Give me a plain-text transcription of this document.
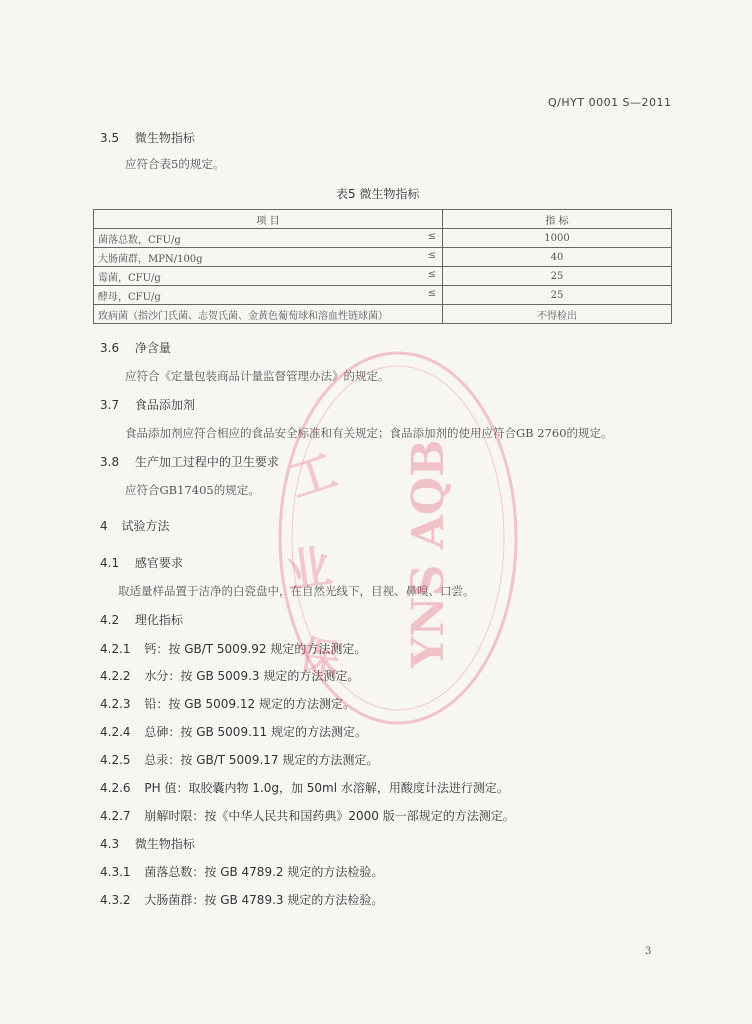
Q/HYT 0001 S—2011
3.5 微生物指标
应符合表5的规定。
表5 微生物指标
项 目	指 标
菌落总数，CFU/g ≤	1000
大肠菌群，MPN/100g ≤	40
霉菌，CFU/g ≤	25
酵母，CFU/g ≤	25
致病菌（指沙门氏菌、志贺氏菌、金黄色葡萄球和溶血性链球菌）	不得检出
3.6 净含量
应符合《定量包装商品计量监督管理办法》的规定。
3.7 食品添加剂
食品添加剂应符合相应的食品安全标准和有关规定；食品添加剂的使用应符合GB 2760的规定。
3.8 生产加工过程中的卫生要求
应符合GB17405的规定。
4 试验方法
4.1 感官要求
取适量样品置于洁净的白瓷盘中，在自然光线下，目视、鼻嗅、口尝。
4.2 理化指标
4.2.1 钙：按 GB/T 5009.92 规定的方法测定。
4.2.2 水分：按 GB 5009.3 规定的方法测定。
4.2.3 铅：按 GB 5009.12 规定的方法测定。
4.2.4 总砷：按 GB 5009.11 规定的方法测定。
4.2.5 总汞：按 GB/T 5009.17 规定的方法测定。
4.2.6 PH 值：取胶囊内物 1.0g，加 50ml 水溶解，用酸度计法进行测定。
4.2.7 崩解时限：按《中华人民共和国药典》2000 版一部规定的方法测定。
4.3 微生物指标
4.3.1 菌落总数：按 GB 4789.2 规定的方法检验。
4.3.2 大肠菌群：按 GB 4789.3 规定的方法检验。
工
业
保 YNS AQB
3
